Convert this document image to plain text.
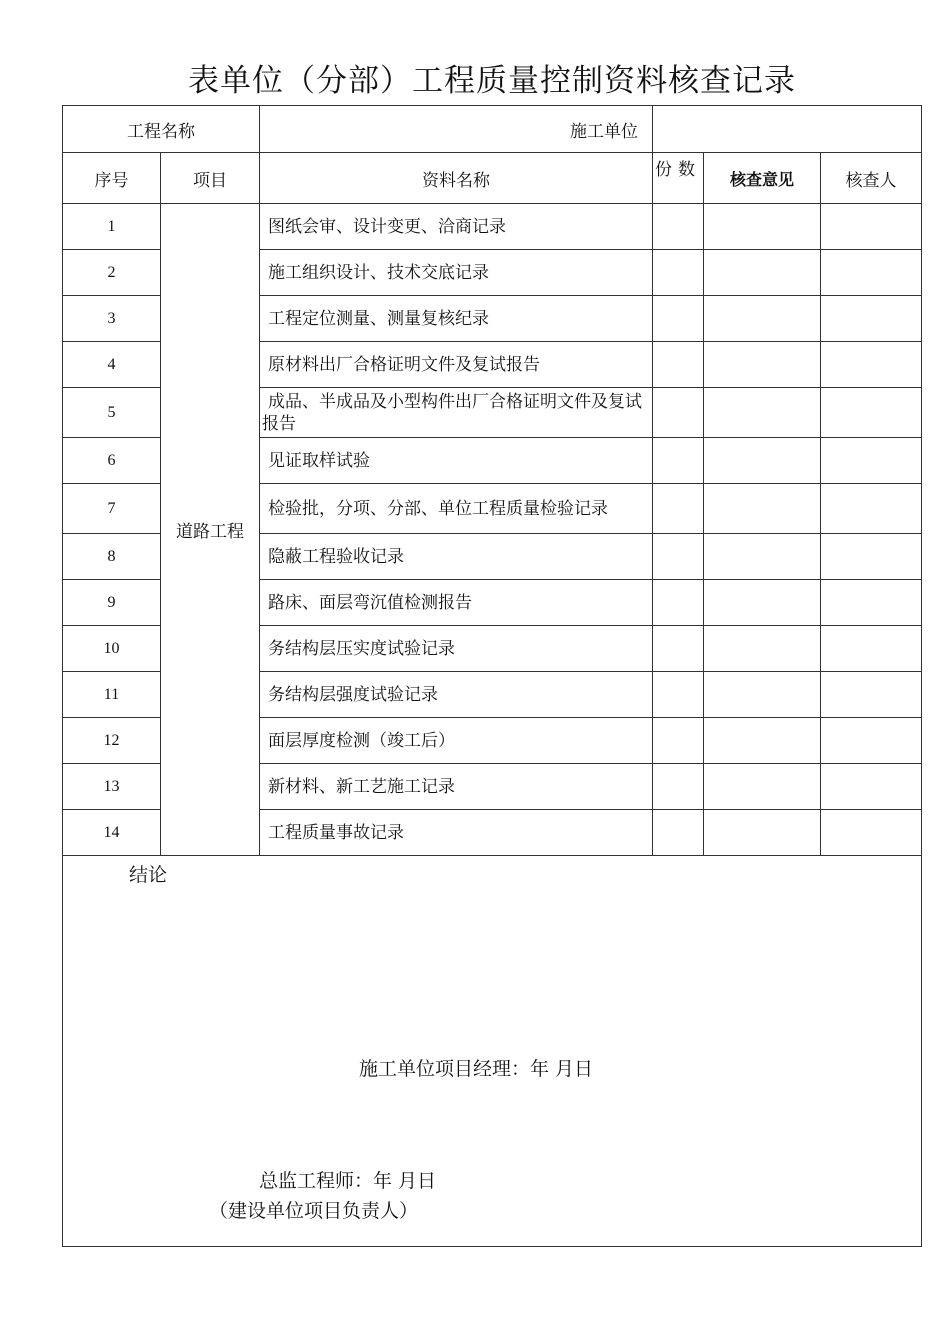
表单位（分部）工程质量控制资料核查记录
工程名称		施工单位			
序号	项目	资料名称	份数	核查意见	核查人
1	道路工程	图纸会审、设计变更、洽商记录			
2		施工组织设计、技术交底记录			
3		工程定位测量、测量复核纪录			
4		原材料出厂合格证明文件及复试报告			
5		成品、半成品及小型构件出厂合格证明文件及复试报告			
6		见证取样试验			
7		检验批，分项、分部、单位工程质量检验记录			
8		隐蔽工程验收记录			
9		路床、面层弯沉值检测报告			
10		务结构层压实度试验记录			
11		务结构层强度试验记录			
12		面层厚度检测（竣工后）			
13		新材料、新工艺施工记录			
14		工程质量事故记录			

结论
施工单位项目经理：年 月日
总监工程师：年 月日
（建设单位项目负责人）					
